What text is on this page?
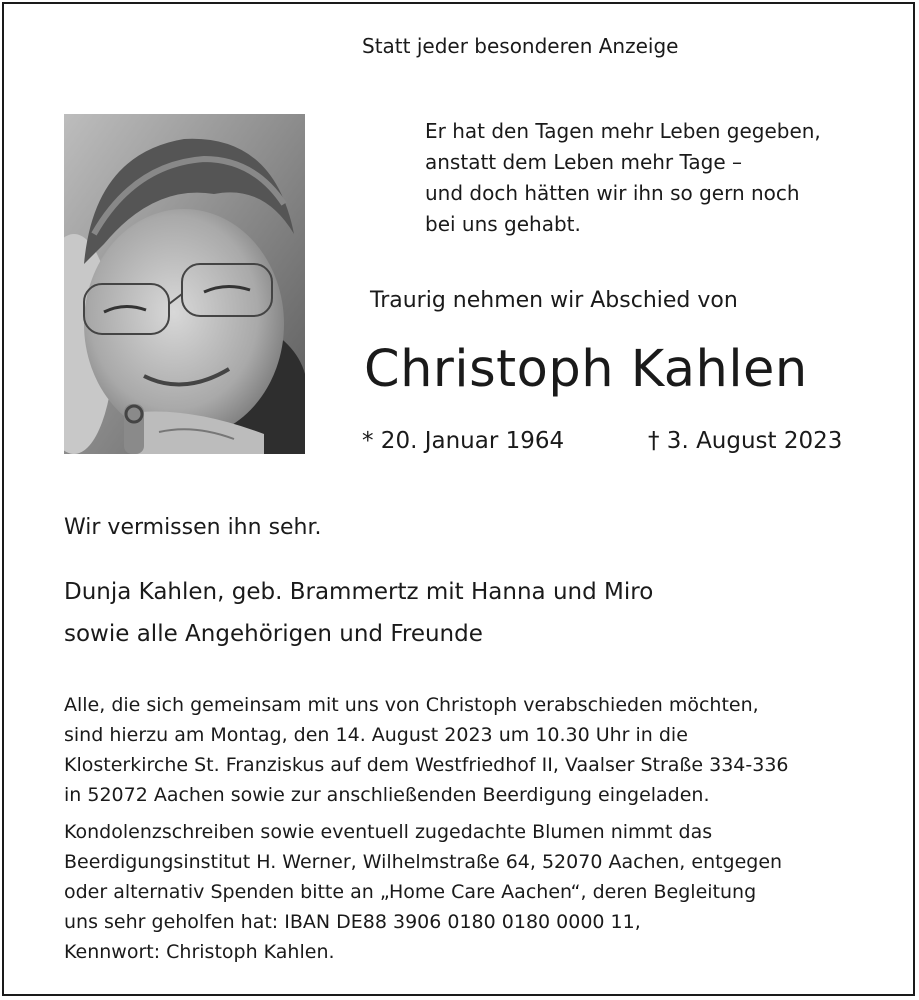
Statt jeder besonderen Anzeige
Er hat den Tagen mehr Leben gegeben,
anstatt dem Leben mehr Tage –
und doch hätten wir ihn so gern noch
bei uns gehabt.
Traurig nehmen wir Abschied von
Christoph Kahlen
* 20. Januar 1964	† 3. August 2023
Wir vermissen ihn sehr.
Dunja Kahlen, geb. Brammertz mit Hanna und Miro
sowie alle Angehörigen und Freunde
Alle, die sich gemeinsam mit uns von Christoph verabschieden möchten,
sind hierzu am Montag, den 14. August 2023 um 10.30 Uhr in die
Klosterkirche St. Franziskus auf dem Westfriedhof II, Vaalser Straße 334-336
in 52072 Aachen sowie zur anschließenden Beerdigung eingeladen.
Kondolenzschreiben sowie eventuell zugedachte Blumen nimmt das
Beerdigungsinstitut H. Werner, Wilhelmstraße 64, 52070 Aachen, entgegen
oder alternativ Spenden bitte an „Home Care Aachen“, deren Begleitung
uns sehr geholfen hat: IBAN DE88 3906 0180 0180 0000 11,
Kennwort: Christoph Kahlen.
